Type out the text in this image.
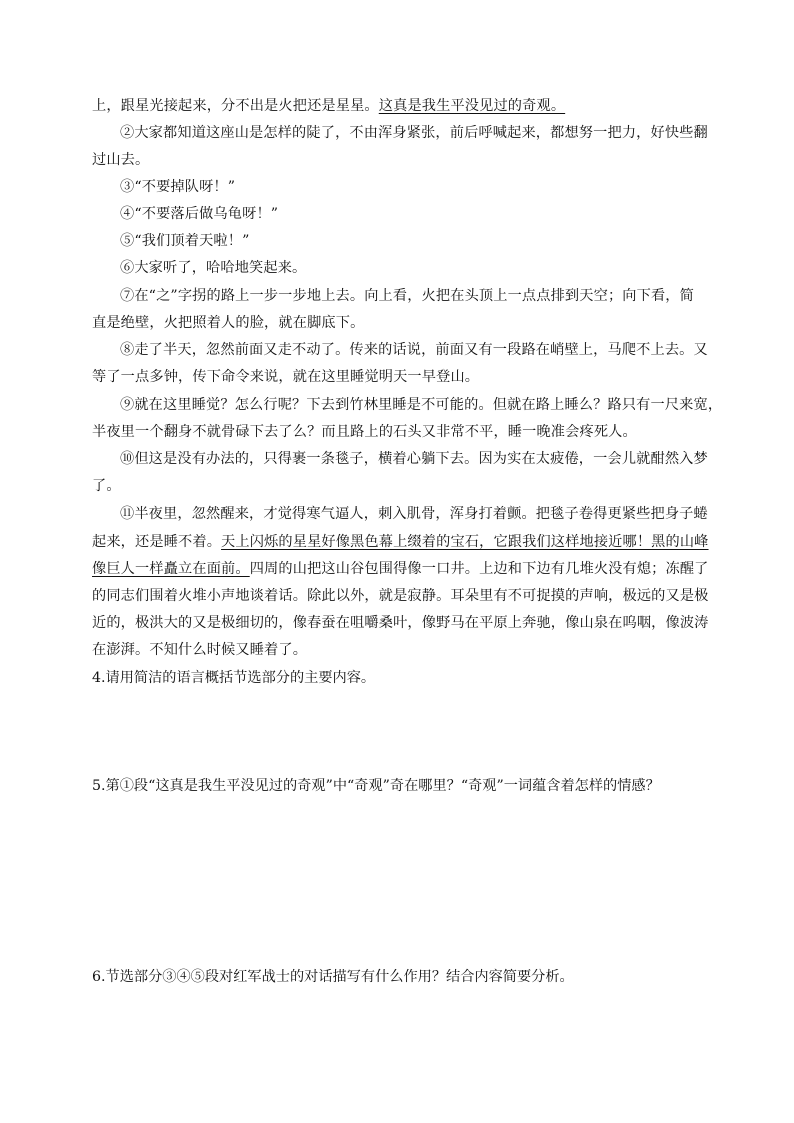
上，跟星光接起来，分不出是火把还是星星。这真是我生平没见过的奇观。
②大家都知道这座山是怎样的陡了，不由浑身紧张，前后呼喊起来，都想努一把力，好快些翻
过山去。
③“不要掉队呀！”
④“不要落后做乌龟呀！”
⑤“我们顶着天啦！”
⑥大家听了，哈哈地笑起来。
⑦在“之”字拐的路上一步一步地上去。向上看，火把在头顶上一点点排到天空；向下看，简
直是绝壁，火把照着人的脸，就在脚底下。
⑧走了半天，忽然前面又走不动了。传来的话说，前面又有一段路在峭壁上，马爬不上去。又
等了一点多钟，传下命令来说，就在这里睡觉明天一早登山。
⑨就在这里睡觉？怎么行呢？下去到竹林里睡是不可能的。但就在路上睡么？路只有一尺来宽，
半夜里一个翻身不就骨碌下去了么？而且路上的石头又非常不平，睡一晚准会疼死人。
⑩但这是没有办法的，只得裹一条毯子，横着心躺下去。因为实在太疲倦，一会儿就酣然入梦
了。
⑪半夜里，忽然醒来，才觉得寒气逼人，刺入肌骨，浑身打着颤。把毯子卷得更紧些把身子蜷
起来，还是睡不着。天上闪烁的星星好像黑色幕上缀着的宝石，它跟我们这样地接近哪！黑的山峰
像巨人一样矗立在面前。四周的山把这山谷包围得像一口井。上边和下边有几堆火没有熄；冻醒了
的同志们围着火堆小声地谈着话。除此以外，就是寂静。耳朵里有不可捉摸的声响，极远的又是极
近的，极洪大的又是极细切的，像春蚕在咀嚼桑叶，像野马在平原上奔驰，像山泉在呜咽，像波涛
在澎湃。不知什么时候又睡着了。
4.请用简洁的语言概括节选部分的主要内容。
5.第①段“这真是我生平没见过的奇观”中“奇观”奇在哪里？“奇观”一词蕴含着怎样的情感？
6.节选部分③④⑤段对红军战士的对话描写有什么作用？结合内容简要分析。
